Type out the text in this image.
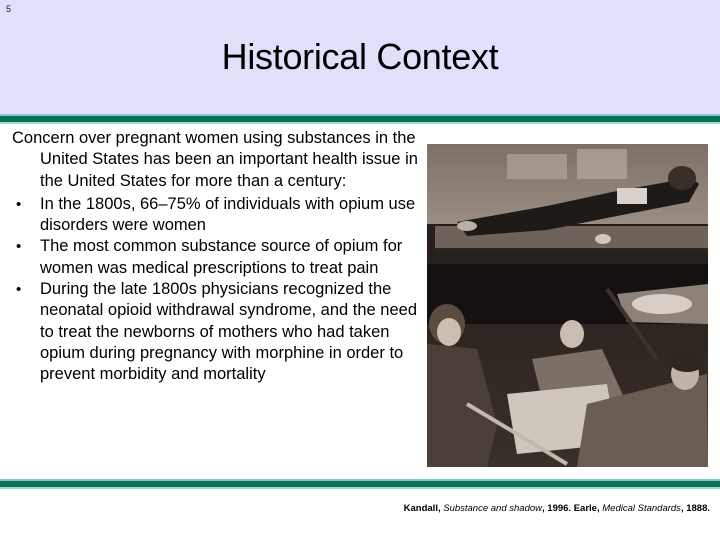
5
Historical Context

Concern over pregnant women using substances in the United States has been an important health issue in the United States for more than a century:

• In the 1800s, 66–75% of individuals with opium use disorders were women
• The most common substance source of opium for women was medical prescriptions to treat pain
• During the late 1800s physicians recognized the neonatal opioid withdrawal syndrome, and the need to treat the newborns of mothers who had taken opium during pregnancy with morphine in order to prevent morbidity and mortality
Kandall, Substance and shadow, 1996. Earle, Medical Standards, 1888.
